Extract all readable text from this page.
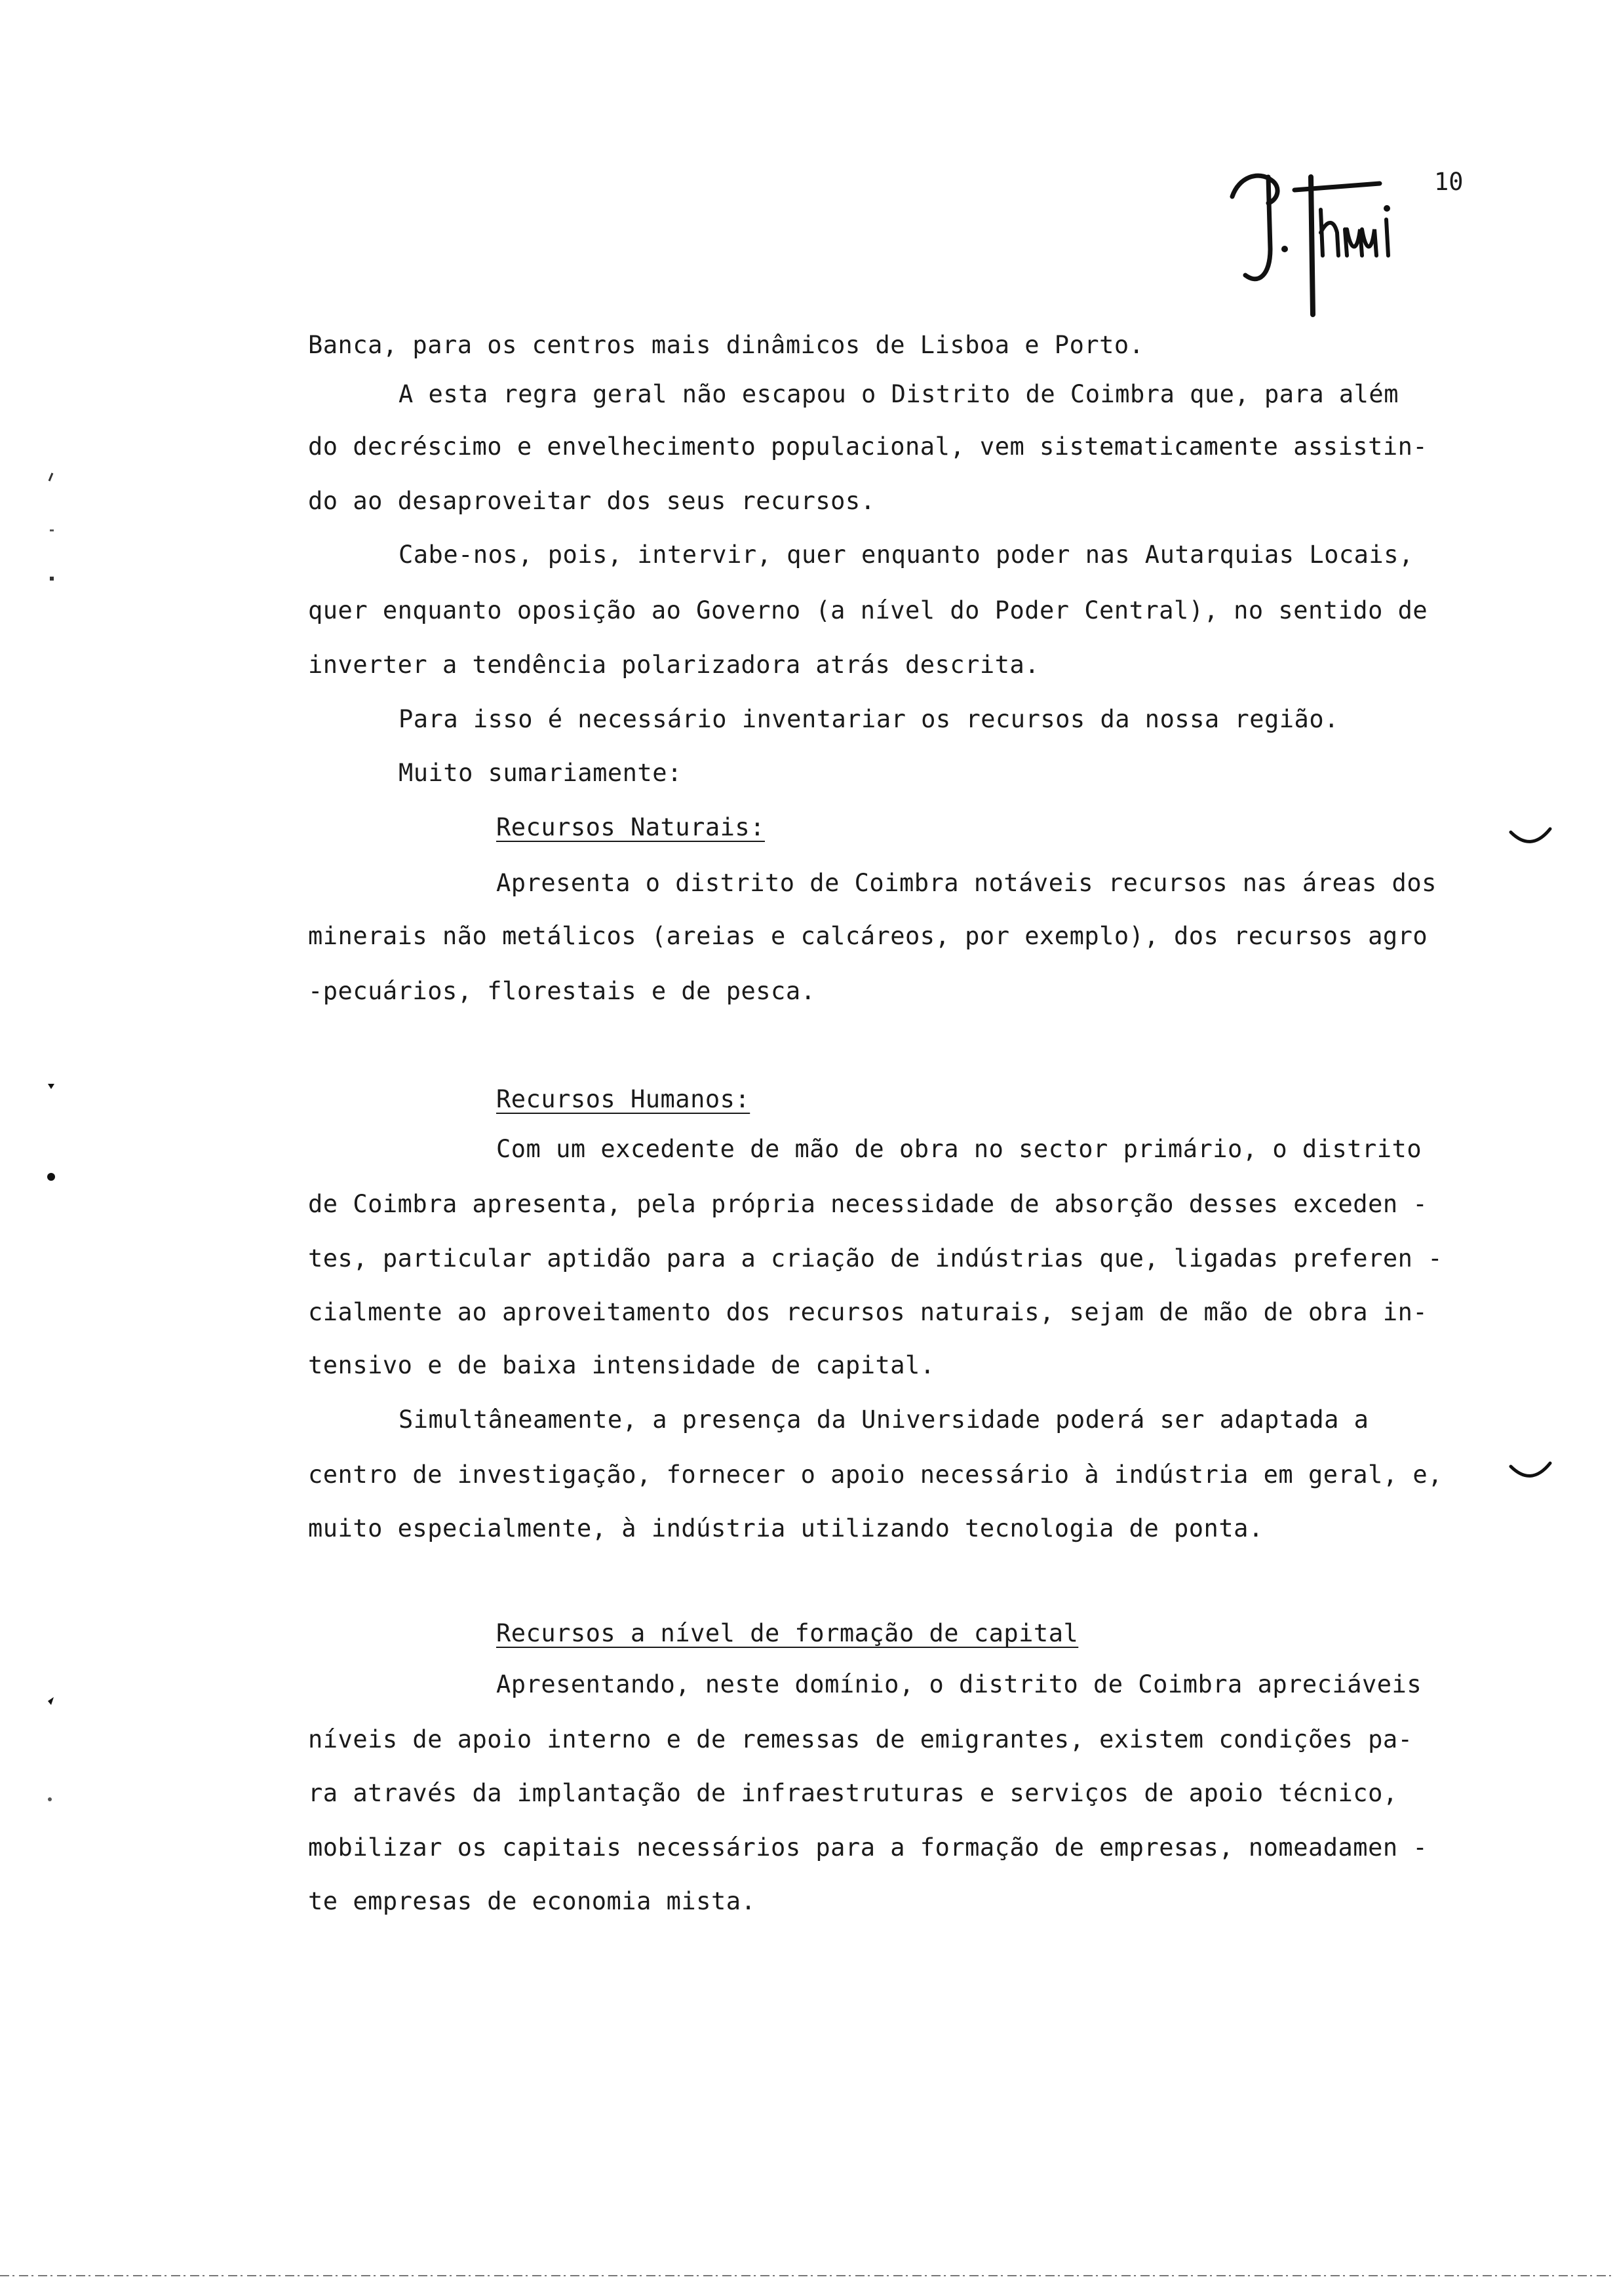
10
Banca, para os centros mais dinâmicos de Lisboa e Porto.
A esta regra geral não escapou o Distrito de Coimbra que, para além
do decréscimo e envelhecimento populacional, vem sistematicamente assistin-
do ao desaproveitar dos seus recursos.
Cabe-nos, pois, intervir, quer enquanto poder nas Autarquias Locais,
quer enquanto oposição ao Governo (a nível do Poder Central), no sentido de
inverter a tendência polarizadora atrás descrita.
Para isso é necessário inventariar os recursos da nossa região.
Muito sumariamente:
Recursos Naturais:
Apresenta o distrito de Coimbra notáveis recursos nas áreas dos
minerais não metálicos (areias e calcáreos, por exemplo), dos recursos agro
-pecuários, florestais e de pesca.
Recursos Humanos:
Com um excedente de mão de obra no sector primário, o distrito
de Coimbra apresenta, pela própria necessidade de absorção desses exceden -
tes, particular aptidão para a criação de indústrias que, ligadas preferen -
cialmente ao aproveitamento dos recursos naturais, sejam de mão de obra in-
tensivo e de baixa intensidade de capital.
Simultâneamente, a presença da Universidade poderá ser adaptada a
centro de investigação, fornecer o apoio necessário à indústria em geral, e,
muito especialmente, à indústria utilizando tecnologia de ponta.
Recursos a nível de formação de capital
Apresentando, neste domínio, o distrito de Coimbra apreciáveis
níveis de apoio interno e de remessas de emigrantes, existem condições pa-
ra através da implantação de infraestruturas e serviços de apoio técnico,
mobilizar os capitais necessários para a formação de empresas, nomeadamen -
te empresas de economia mista.
